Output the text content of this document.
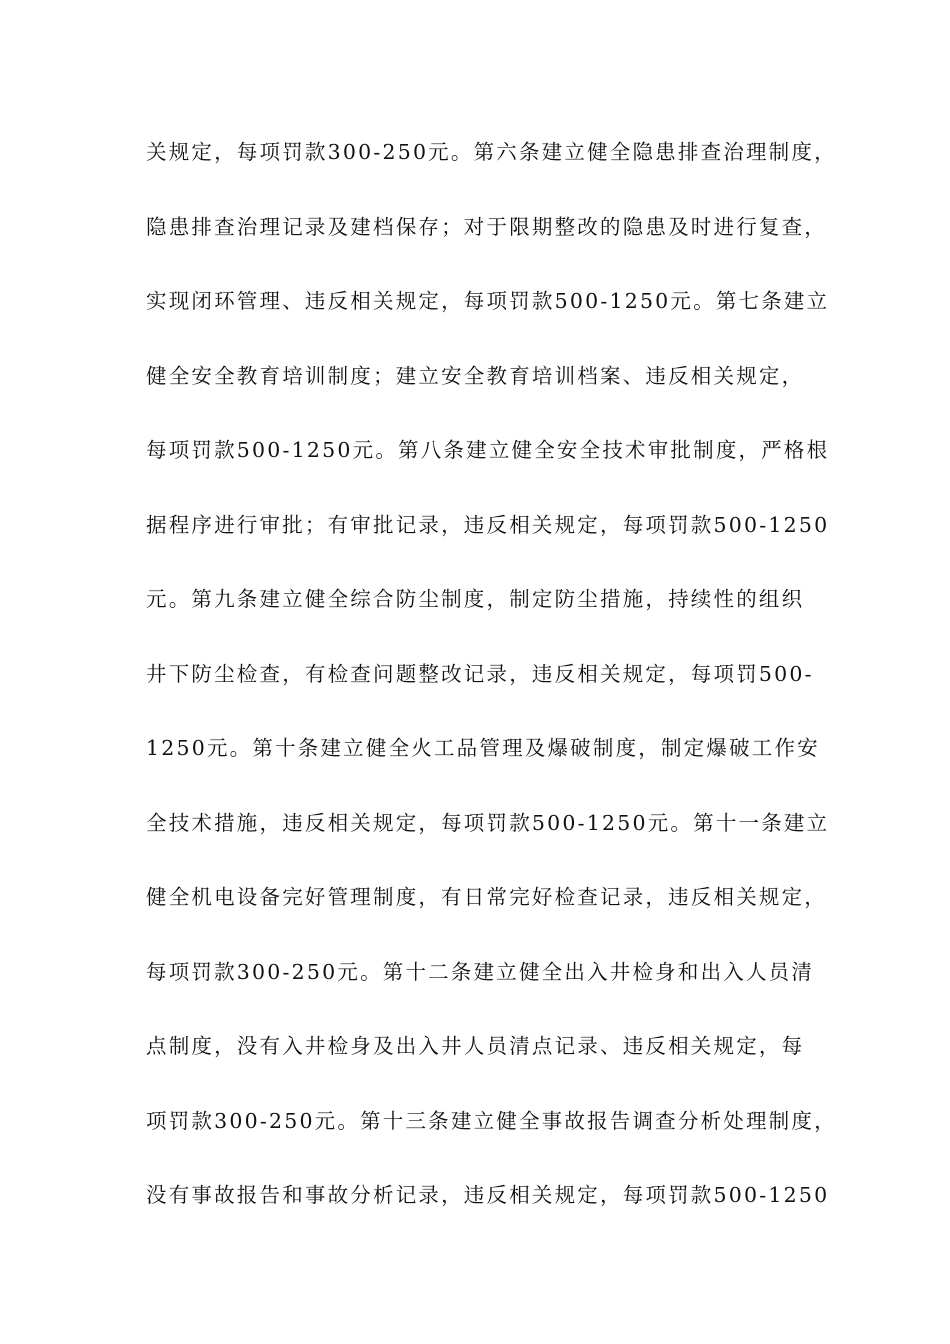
关规定，每项罚款300-250元。第六条建立健全隐患排查治理制度，
隐患排查治理记录及建档保存；对于限期整改的隐患及时进行复查，
实现闭环管理、违反相关规定，每项罚款500-1250元。第七条建立
健全安全教育培训制度；建立安全教育培训档案、违反相关规定，
每项罚款500-1250元。第八条建立健全安全技术审批制度，严格根
据程序进行审批；有审批记录，违反相关规定，每项罚款500-1250
元。第九条建立健全综合防尘制度，制定防尘措施，持续性的组织
井下防尘检查，有检查问题整改记录，违反相关规定，每项罚500-
1250元。第十条建立健全火工品管理及爆破制度，制定爆破工作安
全技术措施，违反相关规定，每项罚款500-1250元。第十一条建立
健全机电设备完好管理制度，有日常完好检查记录，违反相关规定，
每项罚款300-250元。第十二条建立健全出入井检身和出入人员清
点制度，没有入井检身及出入井人员清点记录、违反相关规定，每
项罚款300-250元。第十三条建立健全事故报告调查分析处理制度，
没有事故报告和事故分析记录，违反相关规定，每项罚款500-1250
